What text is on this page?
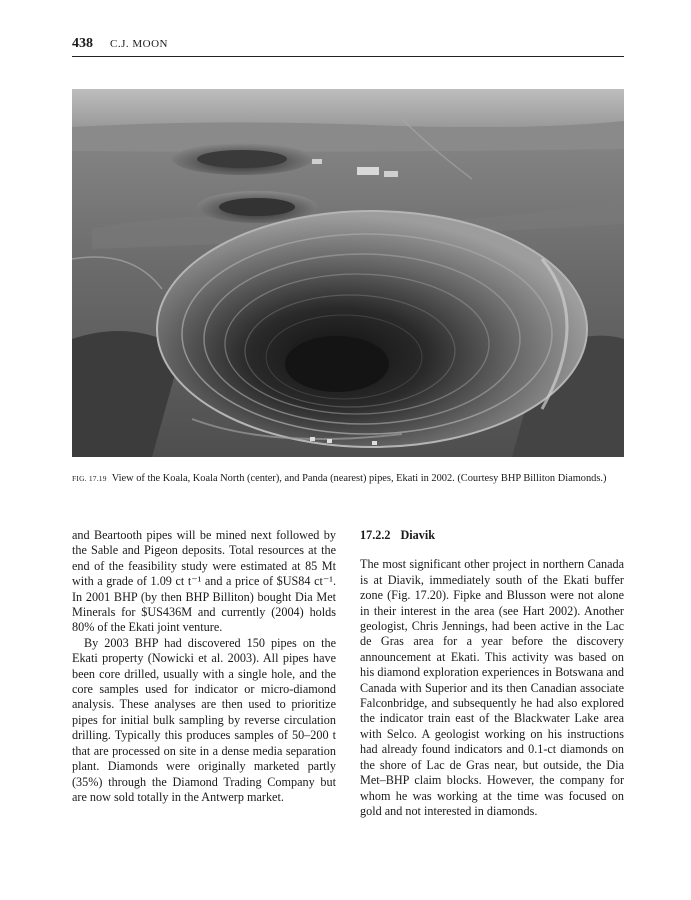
438 C.J. MOON
FIG. 17.19 View of the Koala, Koala North (center), and Panda (nearest) pipes, Ekati in 2002. (Courtesy BHP Billiton Diamonds.)

and Beartooth pipes will be mined next followed by the Sable and Pigeon deposits. Total resources at the end of the feasibility study were estimated at 85 Mt with a grade of 1.09 ct t⁻¹ and a price of $US84 ct⁻¹. In 2001 BHP (by then BHP Billiton) bought Dia Met Minerals for $US436M and currently (2004) holds 80% of the Ekati joint venture.

By 2003 BHP had discovered 150 pipes on the Ekati property (Nowicki et al. 2003). All pipes have been core drilled, usually with a single hole, and the core samples used for indicator or micro-diamond analysis. These analyses are then used to prioritize pipes for initial bulk sampling by reverse circulation drilling. Typically this produces samples of 50–200 t that are processed on site in a dense media separation plant. Diamonds were originally marketed partly (35%) through the Diamond Trading Company but are now sold totally in the Antwerp market.

17.2.2 Diavik

The most significant other project in northern Canada is at Diavik, immediately south of the Ekati buffer zone (Fig. 17.20). Fipke and Blusson were not alone in their interest in the area (see Hart 2002). Another geologist, Chris Jennings, had been active in the Lac de Gras area for a year before the discovery announcement at Ekati. This activity was based on his diamond exploration experiences in Botswana and Canada with Superior and its then Canadian associate Falconbridge, and subsequently he had also explored the indicator train east of the Blackwater Lake area with Selco. A geologist working on his instructions had already found indicators and 0.1-ct diamonds on the shore of Lac de Gras near, but outside, the Dia Met–BHP claim blocks. However, the company for whom he was working at the time was focused on gold and not interested in diamonds.
